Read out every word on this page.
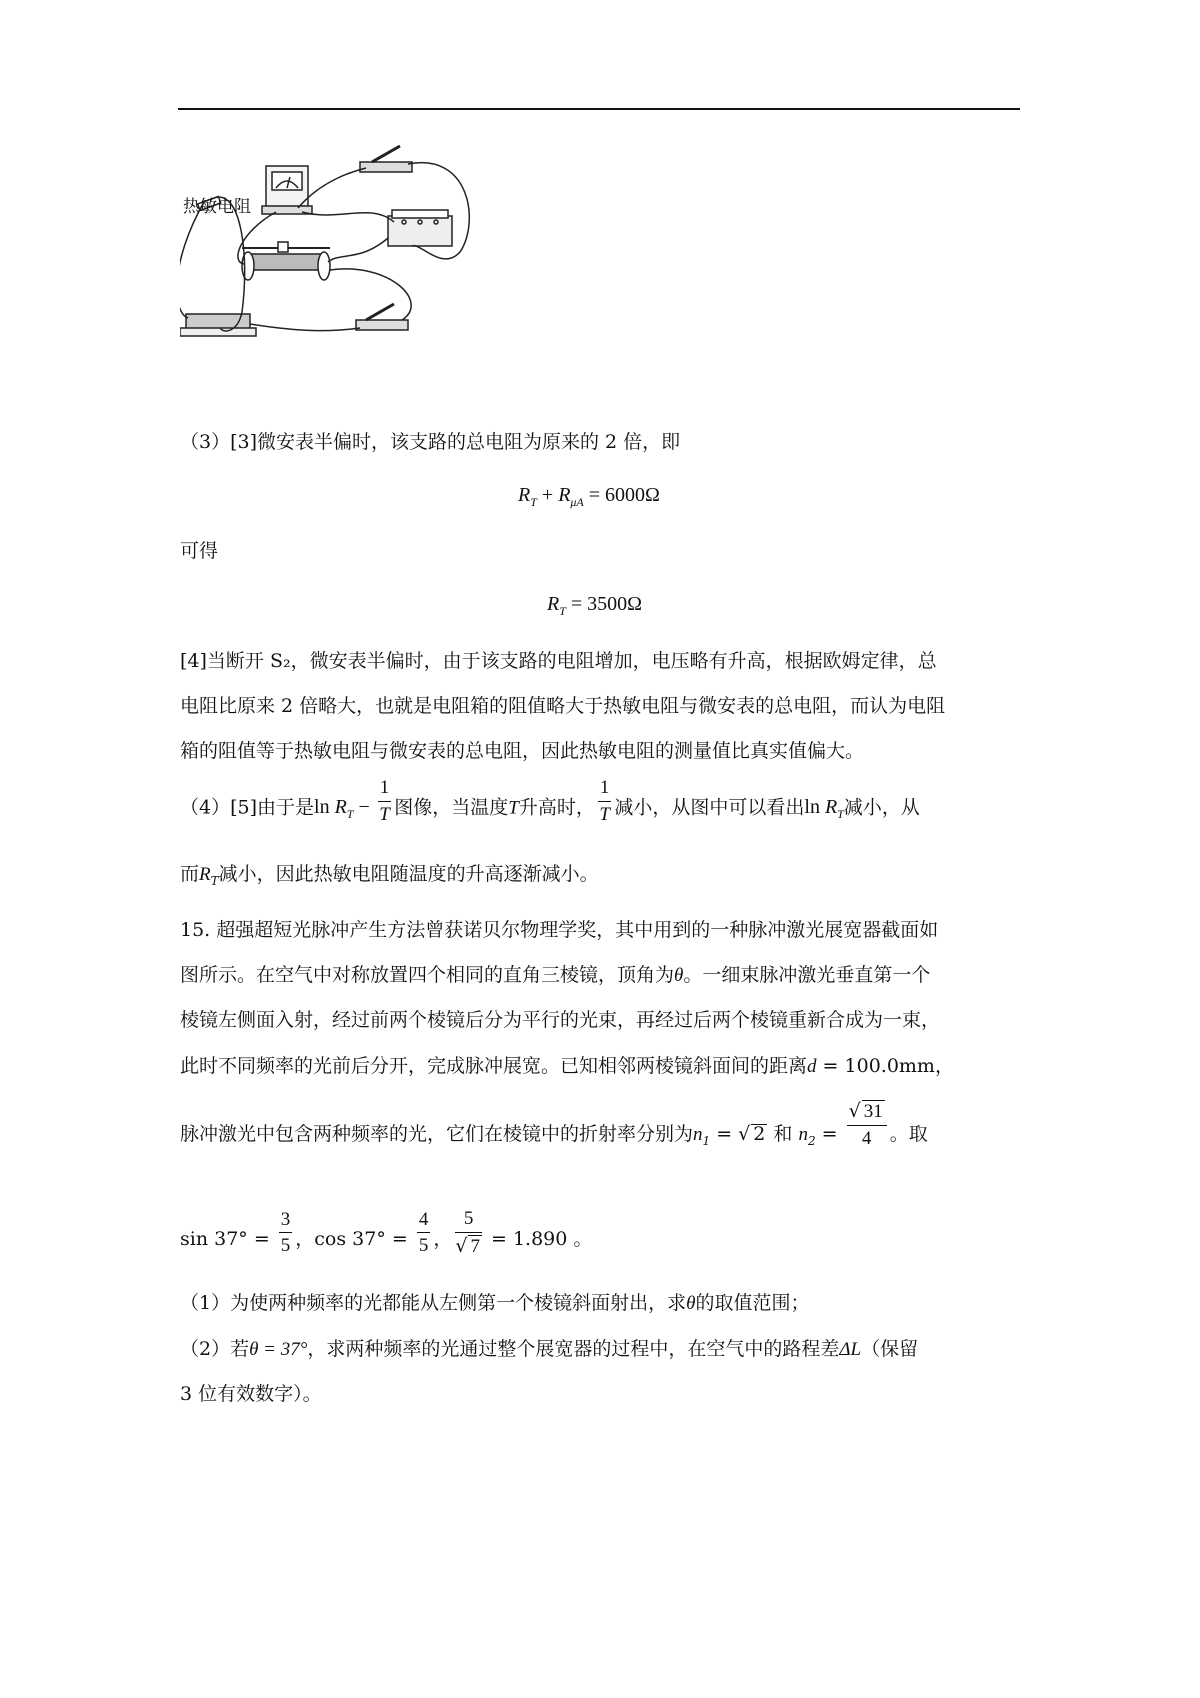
热敏电阻
（3）[3]微安表半偏时，该支路的总电阻为原来的 2 倍，即
$R_T + R_{\mu A} = 6000\Omega$
可得
$R_T = 3500\Omega$
[4]当断开 S₂，微安表半偏时，由于该支路的电阻增加，电压略有升高，根据欧姆定律，总
电阻比原来 2 倍略大，也就是电阻箱的阻值略大于热敏电阻与微安表的总电阻，而认为电阻
箱的阻值等于热敏电阻与微安表的总电阻，因此热敏电阻的测量值比真实值偏大。
（4）[5]由于是$\ln R_T - \frac{1}{T}$ 图像，当温度T升高时， $\frac{1}{T}$ 减小，从图中可以看出$\ln R_T$减小，从
而$R_T$减小，因此热敏电阻随温度的升高逐渐减小。
15. 超强超短光脉冲产生方法曾获诺贝尔物理学奖，其中用到的一种脉冲激光展宽器截面如
图所示。在空气中对称放置四个相同的直角三棱镜，顶角为θ。一细束脉冲激光垂直第一个
棱镜左侧面入射，经过前两个棱镜后分为平行的光束，再经过后两个棱镜重新合成为一束，
此时不同频率的光前后分开，完成脉冲展宽。已知相邻两棱镜斜面间的距离d = 100.0mm，
脉冲激光中包含两种频率的光，它们在棱镜中的折射率分别为$n_1$ = √ 2 和 $n_2 = \frac{√ 31}{4}$ 。取
$\sin 37^\circ = \frac{3}{5}$ ，$\cos 37^\circ = \frac{4}{5}$ ， $\frac{5}{√ 7} = 1.890$ 。
（1）为使两种频率的光都能从左侧第一个棱镜斜面射出，求θ的取值范围；
（2）若θ = 37°，求两种频率的光通过整个展宽器的过程中，在空气中的路程差ΔL（保留
3 位有效数字）。
